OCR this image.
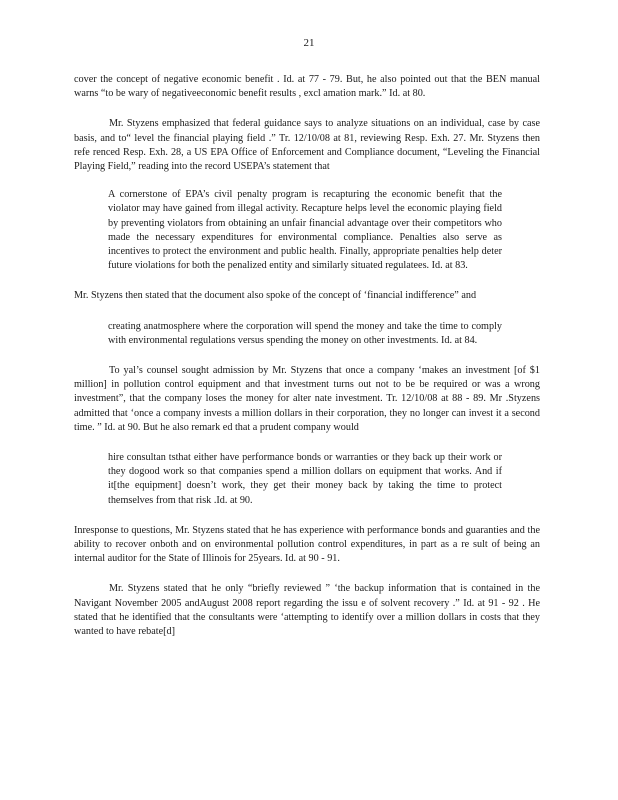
21

cover the concept of negative economic benefit . Id. at 77 - 79. But, he also pointed out that the BEN manual warns “to be wary of negativeeconomic benefit results , excl amation mark.” Id. at 80.

Mr. Styzens emphasized that federal guidance says to analyze situations on an individual, case by case basis, and to“ level the financial playing field .” Tr. 12/10/08 at 81, reviewing Resp. Exh. 27. Mr. Styzens then refe renced Resp. Exh. 28, a US EPA Office of Enforcement and Compliance document, “Leveling the Financial Playing Field,” reading into the record USEPA’s statement that

A cornerstone of EPA’s civil penalty program is recapturing the economic benefit that the violator may have gained from illegal activity. Recapture helps level the economic playing field by preventing violators from obtaining an unfair financial advantage over their competitors who made the necessary expenditures for environmental compliance. Penalties also serve as incentives to protect the environment and public health. Finally, appropriate penalties help deter future violations for both the penalized entity and similarly situated regulatees. Id. at 83.

Mr. Styzens then stated that the document also spoke of the concept of ‘financial indifference” and

creating anatmosphere where the corporation will spend the money and take the time to comply with environmental regulations versus spending the money on other investments. Id. at 84.

To yal’s counsel sought admission by Mr. Styzens that once a company ‘makes an investment [of $1 million] in pollution control equipment and that investment turns out not to be be required or was a wrong investment”, that the company loses the money for alter nate investment. Tr. 12/10/08 at 88 - 89. Mr .Styzens admitted that ‘once a company invests a million dollars in their corporation, they no longer can invest it a second time. ” Id. at 90. But he also remark ed that a prudent company would

hire consultan tsthat either have performance bonds or warranties or they back up their work or they dogood work so that companies spend a million dollars on equipment that works. And if it[the equipment] doesn’t work, they get their money back by taking the time to protect themselves from that risk .Id. at 90.

Inresponse to questions, Mr. Styzens stated that he has experience with performance bonds and guaranties and the ability to recover onboth and on environmental pollution control expenditures, in part as a re sult of being an internal auditor for the State of Illinois for 25years. Id. at 90 - 91.

Mr. Styzens stated that he only “briefly reviewed ” ‘the backup information that is contained in the Navigant November 2005 andAugust 2008 report regarding the issu e of solvent recovery .” Id. at 91 - 92 . He stated that he identified that the consultants were ‘attempting to identify over a million dollars in costs that they wanted to have rebate[d]
